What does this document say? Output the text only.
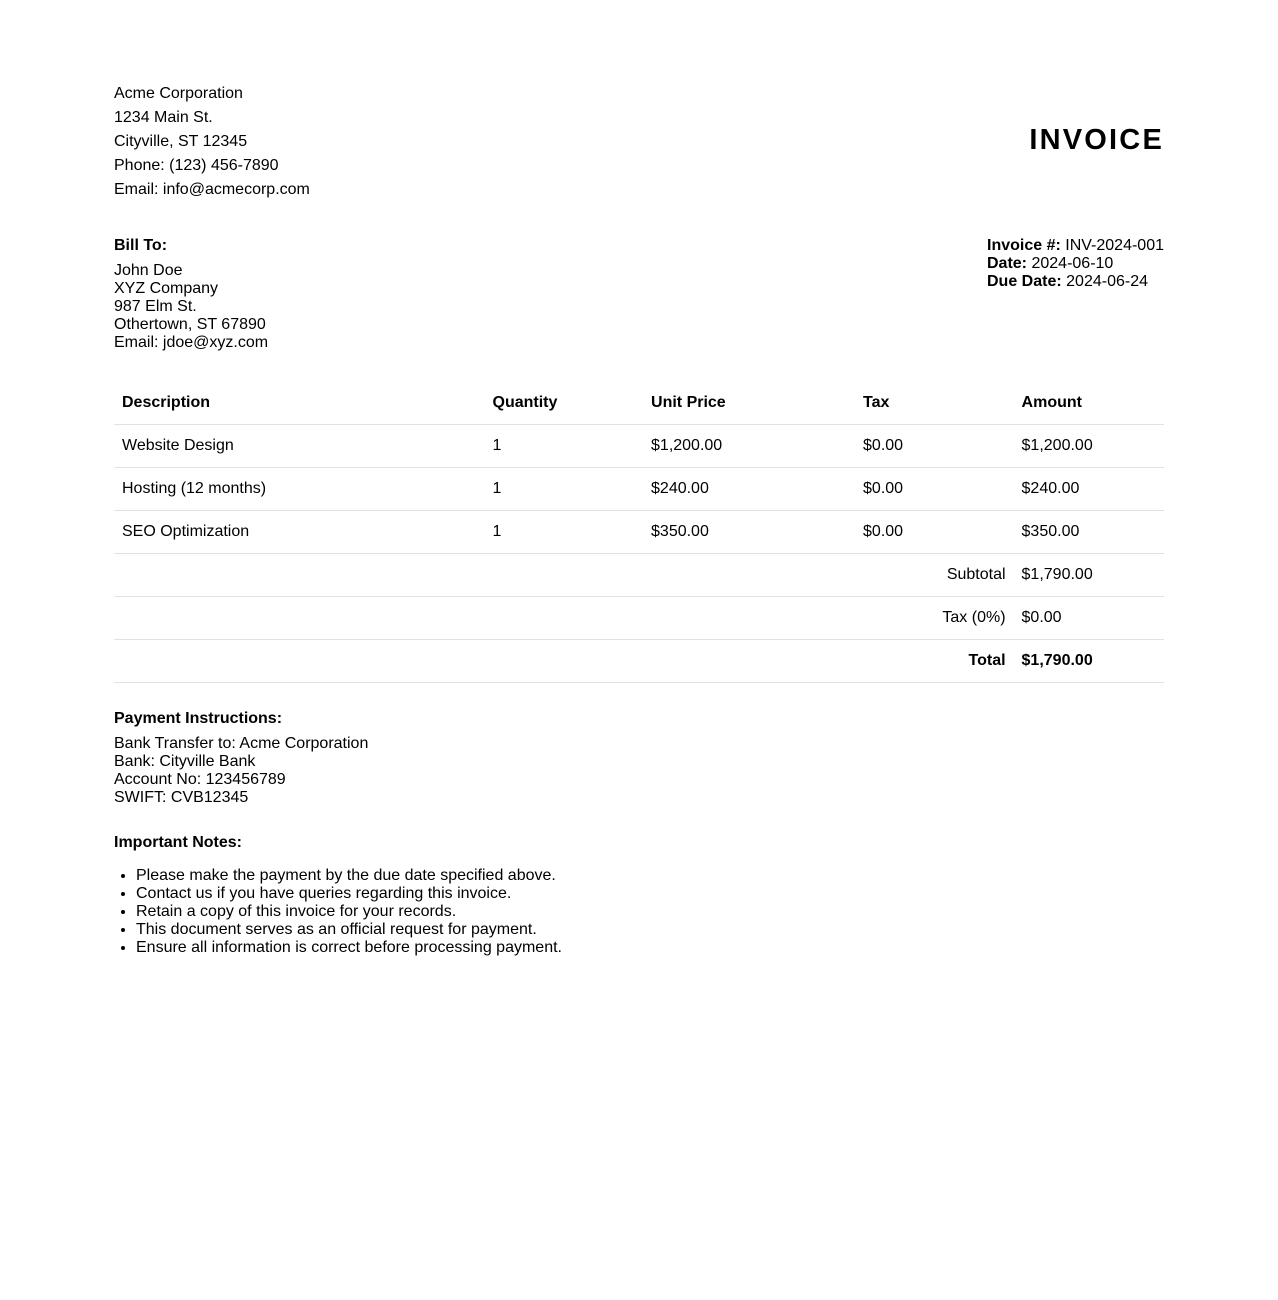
Acme Corporation
1234 Main St.
Cityville, ST 12345
Phone: (123) 456-7890
Email: info@acmecorp.com
INVOICE
Bill To:
John Doe
XYZ Company
987 Elm St.
Othertown, ST 67890
Email: jdoe@xyz.com
Invoice #: INV-2024-001
Date: 2024-06-10
Due Date: 2024-06-24
Description	Quantity	Unit Price	Tax	Amount
Website Design	1	$1,200.00	$0.00	$1,200.00
Hosting (12 months)	1	$240.00	$0.00	$240.00
SEO Optimization	1	$350.00	$0.00	$350.00
Subtotal				$1,790.00
Tax (0%)				$0.00
Total				$1,790.00
Payment Instructions:
Bank Transfer to: Acme Corporation
Bank: Cityville Bank
Account No: 123456789
SWIFT: CVB12345
Important Notes:
• Please make the payment by the due date specified above.
• Contact us if you have queries regarding this invoice.
• Retain a copy of this invoice for your records.
• This document serves as an official request for payment.
• Ensure all information is correct before processing payment.
